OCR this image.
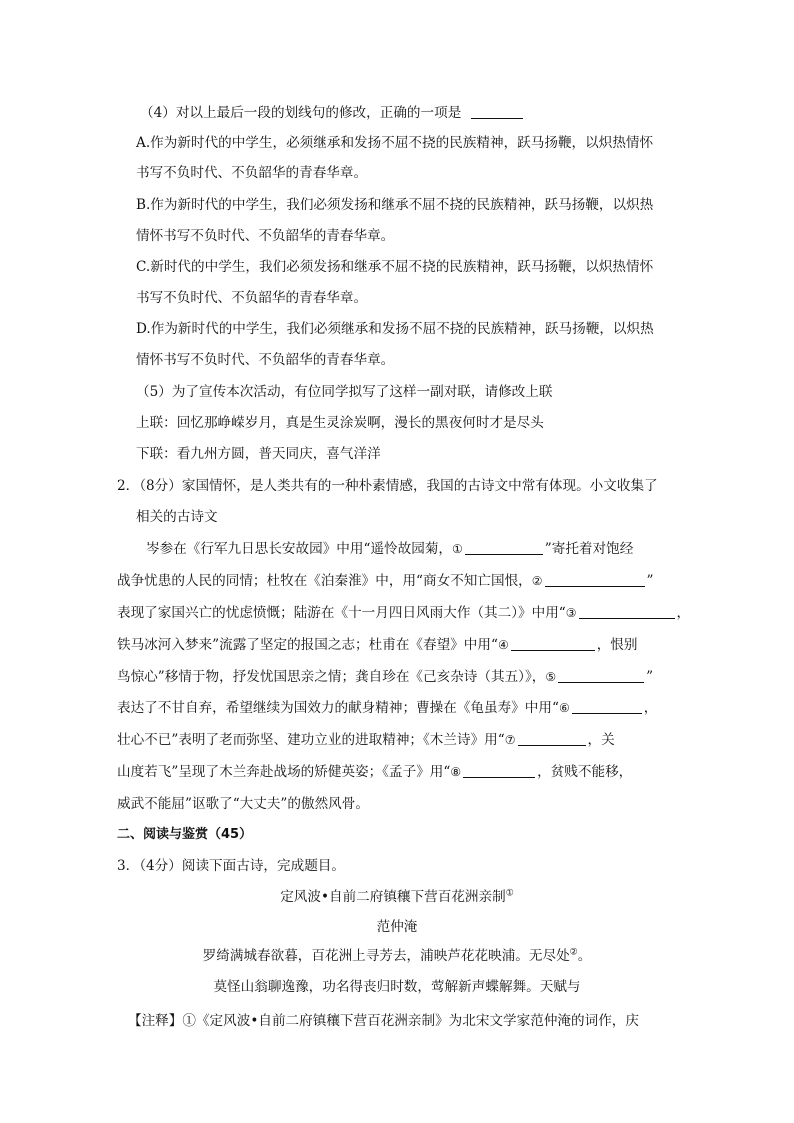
（4）对以上最后一段的划线句的修改，正确的一项是
A.作为新时代的中学生，必须继承和发扬不屈不挠的民族精神，跃马扬鞭，以炽热情怀
书写不负时代、不负韶华的青春华章。
B.作为新时代的中学生，我们必须发扬和继承不屈不挠的民族精神，跃马扬鞭，以炽热
情怀书写不负时代、不负韶华的青春华章。
C.新时代的中学生，我们必须发扬和继承不屈不挠的民族精神，跃马扬鞭，以炽热情怀
书写不负时代、不负韶华的青春华章。
D.作为新时代的中学生，我们必须继承和发扬不屈不挠的民族精神，跃马扬鞭，以炽热
情怀书写不负时代、不负韶华的青春华章。
（5）为了宣传本次活动，有位同学拟写了这样一副对联，请修改上联
上联：回忆那峥嵘岁月，真是生灵涂炭啊，漫长的黑夜何时才是尽头
下联：看九州方圆，普天同庆，喜气洋洋
2．（8分）家国情怀，是人类共有的一种朴素情感，我国的古诗文中常有体现。小文收集了
相关的古诗文
岑参在《行军九日思长安故园》中用“遥怜故园菊，①	”寄托着对饱经
战争忧患的人民的同情；杜牧在《泊秦淮》中，用“商女不知亡国恨，②	”
表现了家国兴亡的忧虑愤慨；陆游在《十一月四日风雨大作（其二）》中用“③	，
铁马冰河入梦来”流露了坚定的报国之志；杜甫在《春望》中用“④	，恨别
鸟惊心”移情于物，抒发忧国思亲之情；龚自珍在《己亥杂诗（其五）》，⑤	”
表达了不甘自弃，希望继续为国效力的献身精神；曹操在《龟虽寿》中用“⑥	，
壮心不已”表明了老而弥坚、建功立业的进取精神；《木兰诗》用“⑦	，关
山度若飞”呈现了木兰奔赴战场的矫健英姿；《孟子》用“⑧	，贫贱不能移，
威武不能屈”讴歌了“大丈夫”的傲然风骨。
二、阅读与鉴赏（45）
3．（4分）阅读下面古诗，完成题目。
定风波•自前二府镇穰下营百花洲亲制①
范仲淹
罗绮满城春欲暮，百花洲上寻芳去，浦映芦花花映浦。无尽处②。
莫怪山翁聊逸豫，功名得丧归时数，莺解新声蝶解舞。天赋与
【注释】①《定风波•自前二府镇穰下营百花洲亲制》为北宋文学家范仲淹的词作，庆
